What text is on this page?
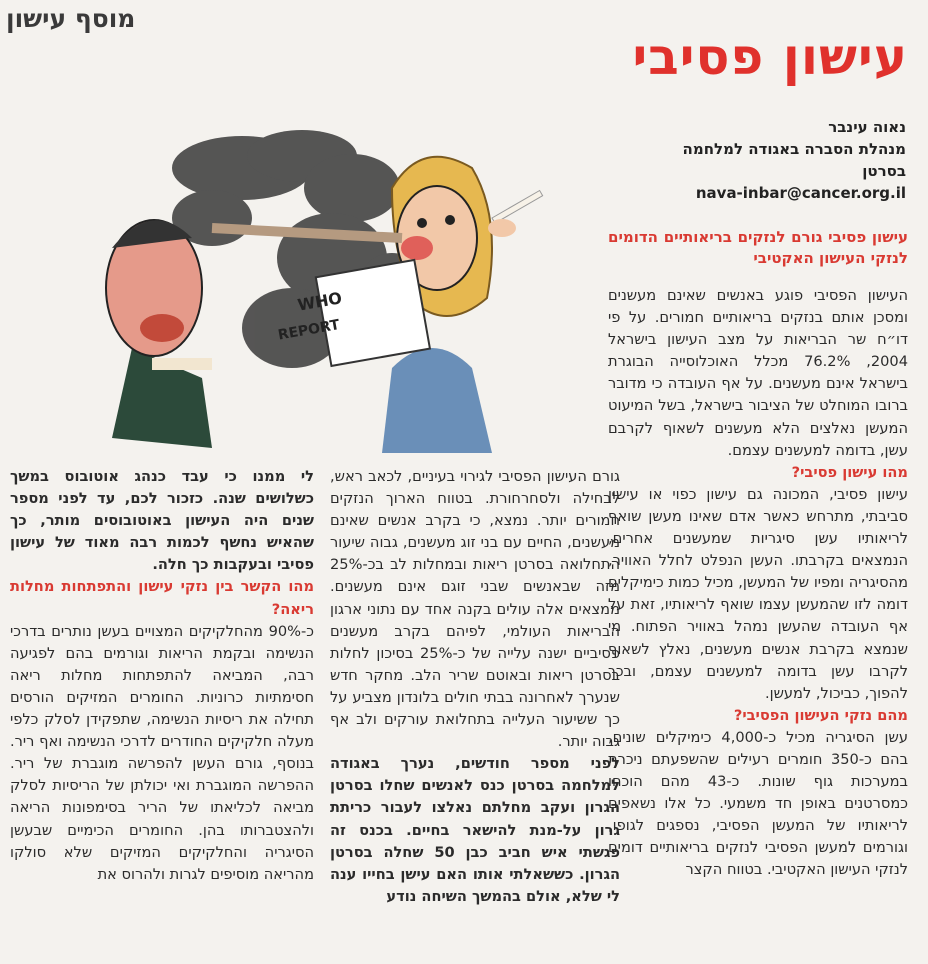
מוסף עישון
עישון פסיבי
נאוה עינבר
מנהלת הסברה באגודה למלחמה
בסרטן
nava-inbar@cancer.org.il
WHO
REPORT

עישון פסיבי גורם לנזקים בריאותיים הדומים לנזקי העישון האקטיבי

העישון הפסיבי פוגע באנשים שאינם מעשנים ומסכן אותם בנזקים בריאותיים חמורים. על פי דו״ח שר הבריאות על מצב העישון בישראל 2004, 76.2% מכלל האוכלוסייה הבוגרת בישראל אינם מעשנים. על אף העובדה כי מדובר ברובו המוחלט של הציבור בישראל, בשל המיעוט המעשן נאלצים הלא מעשנים לשאוף לקרבם עשן, בדומה למעשנים עצמם.

מהו עישון פסיבי?

עישון פסיבי, המכונה גם עישון כפוי או עישון סביבתי, מתרחש כאשר אדם שאינו מעשן שואף לריאותיו עשן סיגריות שמעשנים אחרים, הנמצאים בקרבתו. העשן הנפלט לחלל האוויר, מהסיגריה ומפיו של המעשן, מכיל כמות כימיקלים דומה לזו שהמעשן עצמו שואף לריאותיו, זאת על אף העובדה שהעשן נמהל באוויר הפתוח. מי שנמצא בקרבת אנשים מעשנים, נאלץ לשאוף לקרבו עשן בדומה למעשנים עצמם, ובכך להפוך, כביכול, למעשן.

מהם נזקי העישון הפסיבי?

עשן הסיגריה מכיל כ-4,000 כימיקלים שונים, בהם כ-350 חומרים רעילים שהשפעתם ניכרת במערכות גוף שונות. כ-43 מהם הוכחו כמסרטנים באופן חד משמעי. כל אלו נשאפים לריאותיו של המעשן הפסיבי, נספגים לגופו, וגורמים למעשן הפסיבי לנזקים בריאותיים דומים לנזקי העישון האקטיבי. בטווח הקצר

גורם העישון הפסיבי לגירוי בעיניים, לכאב ראש, לבחילה ולסחרחורת. בטווח הארוך הנזקים חמורים יותר. נמצא, כי בקרב אנשים שאינם מעשנים, החיים עם בני זוג מעשנים, גבוה שיעור התחלואה בסרטן ריאות ובמחלות לב בכ-25% מזה שבאנשים שבני זוגם אינם מעשנים. ממצאים אלה עולים בקנה אחד עם נתוני ארגון הבריאות העולמי, לפיהם בקרב מעשנים פסיביים ישנה עלייה של כ-25% בסיכון לחלות בסרטן ריאות ובאוטם שריר הלב. מחקר חדש שנערך לאחרונה בבתי חולים בלונדון מצביע על כך ששיעור העלייה בתחלואת עורקים ולב אף גבוה יותר.

לפני מספר חודשים, נערך באגודה למלחמה בסרטן כנס לאנשים שחלו בסרטן הגרון ועקב מחלתם נאלצו לעבור כריתת גרון על-מנת להישאר בחיים. בכנס זה פגשתי איש חביב כבן 50 שחלה בסרטן הגרון. כששאלתי אותו האם עישן בחייו ענה לי שלא, אולם בהמשך השיחה נודע

לי ממנו כי עבד כנהג אוטובוס במשך כשלושים שנה. כזכור לכם, עד לפני מספר שנים היה העישון באוטובוסים מותר, כך שהאיש נחשף לכמות רבה מאוד של עישון פסיבי ובעקבות כך חלה.

מהו הקשר בין נזקי עישון והתפתחות מחלות ריאה?

כ-90% מהחלקיקים המצויים בעשן נותרים בדרכי הנשימה ובקמת הריאות וגורמים בהם לפגיעה רבה, המביאה להתפתחות מחלות ריאה חסימתיות כרוניות. החומרים המזיקים הורסים תחילה את ריסיות הנשימה, שתפקידן לסלק כלפי מעלה חלקיקים החודרים לדרכי הנשימה ואף ריר. בנוסף, גורם העשן להפרשה מוגברת של ריר. ההפרשה המוגברת ואי יכולתן של הריסיות לסלק מביאה לכליאתו של הריר בסימפונות הריאה ולהצטברותו בהן. החומרים הכימיים שבעשן הסיגריה והחלקיקים המזיקים שלא סולקו מהריאה מוסיפים לגרות ולהרוס את
